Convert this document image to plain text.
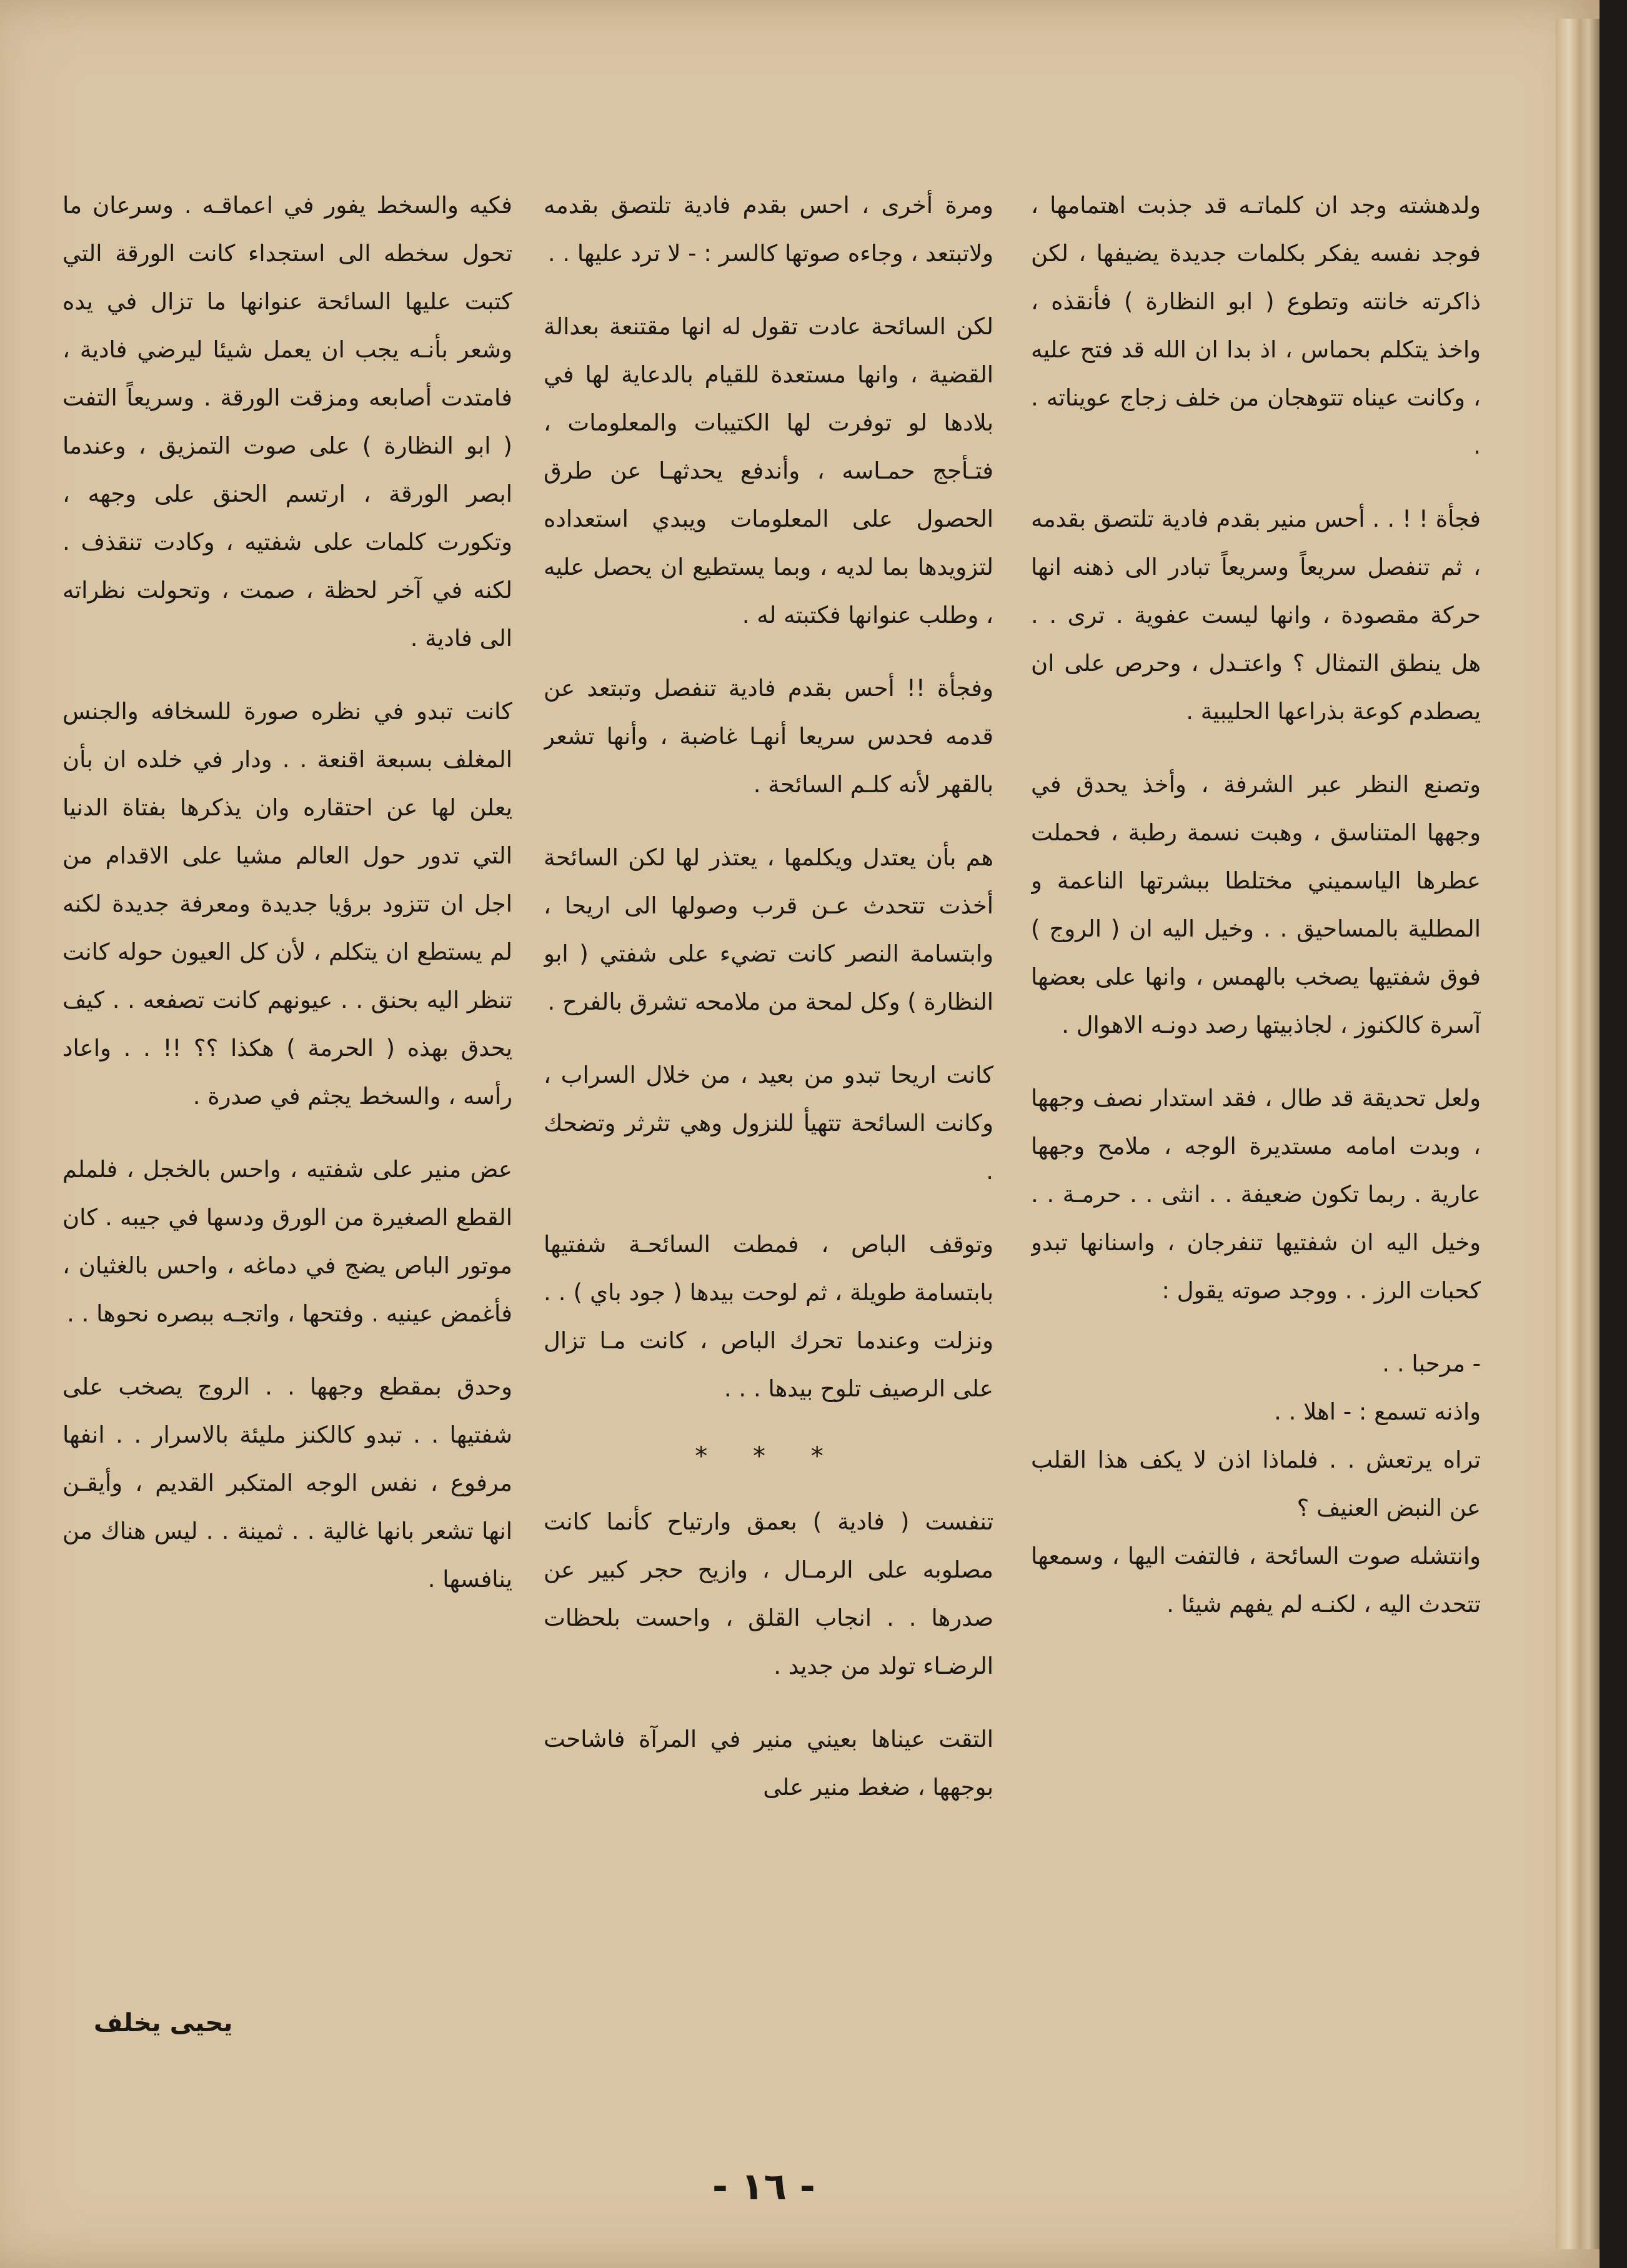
ولدهشته وجد ان كلماتـه قد جذبت اهتمامها ، فوجد نفسه يفكر بكلمات جديدة يضيفها ، لكن ذاكرته خانته وتطوع ( ابو النظارة ) فأنقذه ، واخذ يتكلم بحماس ، اذ بدا ان الله قد فتح عليه ، وكانت عيناه تتوهجان من خلف زجاج عويناته . .

فجأة ! ! . . أحس منير بقدم فادية تلتصق بقدمه ، ثم تنفصل سريعاً وسريعاً تبادر الى ذهنه انها حركة مقصودة ، وانها ليست عفوية . ترى . . هل ينطق التمثال ؟ واعتـدل ، وحرص على ان يصطدم كوعة بذراعها الحليبية .

وتصنع النظر عبر الشرفة ، وأخذ يحدق في وجهها المتناسق ، وهبت نسمة رطبة ، فحملت عطرها الياسميني مختلطا ببشرتها الناعمة و المطلية بالمساحيق . . وخيل اليه ان ( الروج ) فوق شفتيها يصخب بالهمس ، وانها على بعضها آسرة كالكنوز ، لجاذبيتها رصد دونـه الاهوال .

ولعل تحديقة قد طال ، فقد استدار نصف وجهها ، وبدت امامه مستديرة الوجه ، ملامح وجهها عارية . ربما تكون ضعيفة . . انثى . . حرمـة . . وخيل اليه ان شفتيها تنفرجان ، واسنانها تبدو كحبات الرز . . ووجد صوته يقول :

- مرحبا . ‌.

واذنه تسمع : - اهلا . .

تراه يرتعش . . فلماذا اذن لا يكف هذا القلب عن النبض العنيف ؟

وانتشله صوت السائحة ، فالتفت اليها ، وسمعها تتحدث اليه ، لكنـه لم يفهم شيئا .

ومرة أخرى ، احس بقدم فادية تلتصق بقدمه ولاتبتعد ، وجاءه صوتها كالسر : - لا ترد عليها . .

لكن السائحة عادت تقول له انها مقتنعة بعدالة القضية ، وانها مستعدة للقيام بالدعاية لها في بلادها لو توفرت لها الكتيبات والمعلومات ، فتـأجج حمـاسه ، وأندفع يحدثهـا عن طرق الحصول على المعلومات ويبدي استعداده لتزويدها بما لديه ، وبما يستطيع ان يحصل عليه ، وطلب عنوانها فكتبته له .

وفجأة !! أحس بقدم فادية تنفصل وتبتعد عن قدمه فحدس سريعا أنهـا غاضبة ، وأنها تشعر بالقهر لأنه كلـم السائحة .

هم بأن يعتدل ويكلمها ، يعتذر لها لكن السائحة أخذت تتحدث عـن قرب وصولها الى اريحا ، وابتسامة النصر كانت تضيء على شفتي ( ابو النظارة ) وكل لمحة من ملامحه تشرق بالفرح .

كانت اريحا تبدو من بعيد ، من خلال السراب ، وكانت السائحة تتهيأ للنزول وهي تثرثر وتضحك .

وتوقف الباص ، فمطت السائحـة شفتيها بابتسامة طويلة ، ثم لوحت بيدها ( جود باي ) . . ونزلت وعندما تحرك الباص ، كانت مـا تزال على الرصيف تلوح بيدها . . .

* * *

تنفست ( فادية ) بعمق وارتياح كأنما كانت مصلوبه على الرمـال ، وازيح حجر كبير عن صدرها . . انجاب القلق ، واحست بلحظات الرضـاء تولد من جديد .

التقت عيناها بعيني منير في المرآة فاشاحت بوجهها ، ضغط منير على

فكيه والسخط يفور في اعماقـه . وسرعان ما تحول سخطه الى استجداء كانت الورقة التي كتبت عليها السائحة عنوانها ما تزال في يده وشعر بأنـه يجب ان يعمل شيئا ليرضي فادية ، فامتدت أصابعه ومزقت الورقة . وسريعاً التفت ( ابو النظارة ) على صوت التمزيق ، وعندما ابصر الورقة ، ارتسم الحنق على وجهه ، وتكورت كلمات على شفتيه ، وكادت تنقذف . لكنه في آخر لحظة ، صمت ، وتحولت نظراته الى فادية .

كانت تبدو في نظره صورة للسخافه والجنس المغلف بسبعة اقنعة . . ودار في خلده ان بأن يعلن لها عن احتقاره وان يذكرها بفتاة الدنيا التي تدور حول العالم مشيا على الاقدام من اجل ان تتزود برؤيا جديدة ومعرفة جديدة لكنه لم يستطع ان يتكلم ، لأن كل العيون حوله كانت تنظر اليه بحنق . . عيونهم كانت تصفعه . . كيف يحدق بهذه ( الحرمة ) هكذا ؟؟ !! . . واعاد رأسه ، والسخط يجثم في صدرة .

عض منير على شفتيه ، واحس بالخجل ، فلملم القطع الصغيرة من الورق ودسها في جيبه . كان موتور الباص يضج في دماغه ، واحس بالغثيان ، فأغمض عينيه . وفتحها ، واتجـه ببصره نحوها . .

وحدق بمقطع وجهها . . الروج يصخب على شفتيها . . تبدو كالكنز مليئة بالاسرار . . انفها مرفوع ، نفس الوجه المتكبر القديم ، وأيقـن انها تشعر بانها غالية . . ثمينة . . ليس هناك من ينافسها .

يحيى يخلف
- ١٦ -
